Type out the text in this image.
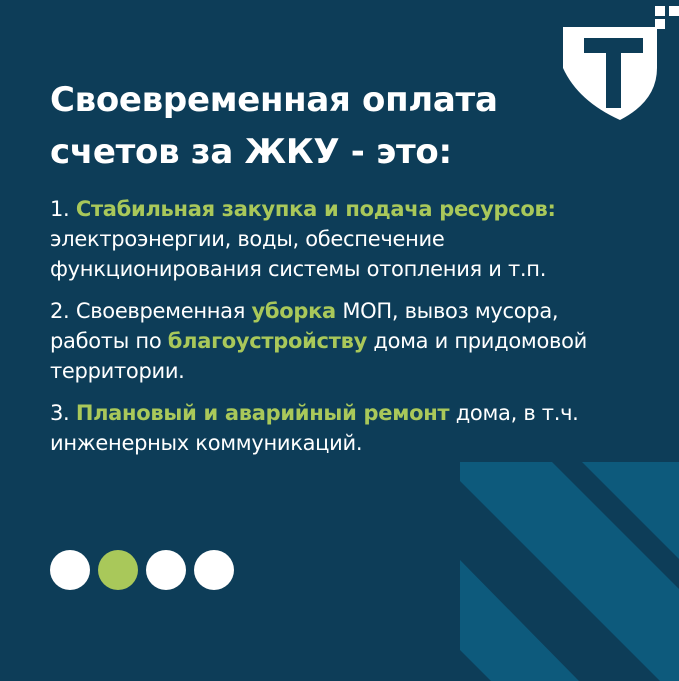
Своевременная оплата
счетов за ЖКУ - это:

1. Стабильная закупка и подача ресурсов: электроэнергии, воды, обеспечение функционирования системы отопления и т.п.

2. Своевременная уборка МОП, вывоз мусора, работы по благоустройству дома и придомовой территории.

3. Плановый и аварийный ремонт дома, в т.ч. инженерных коммуникаций.
